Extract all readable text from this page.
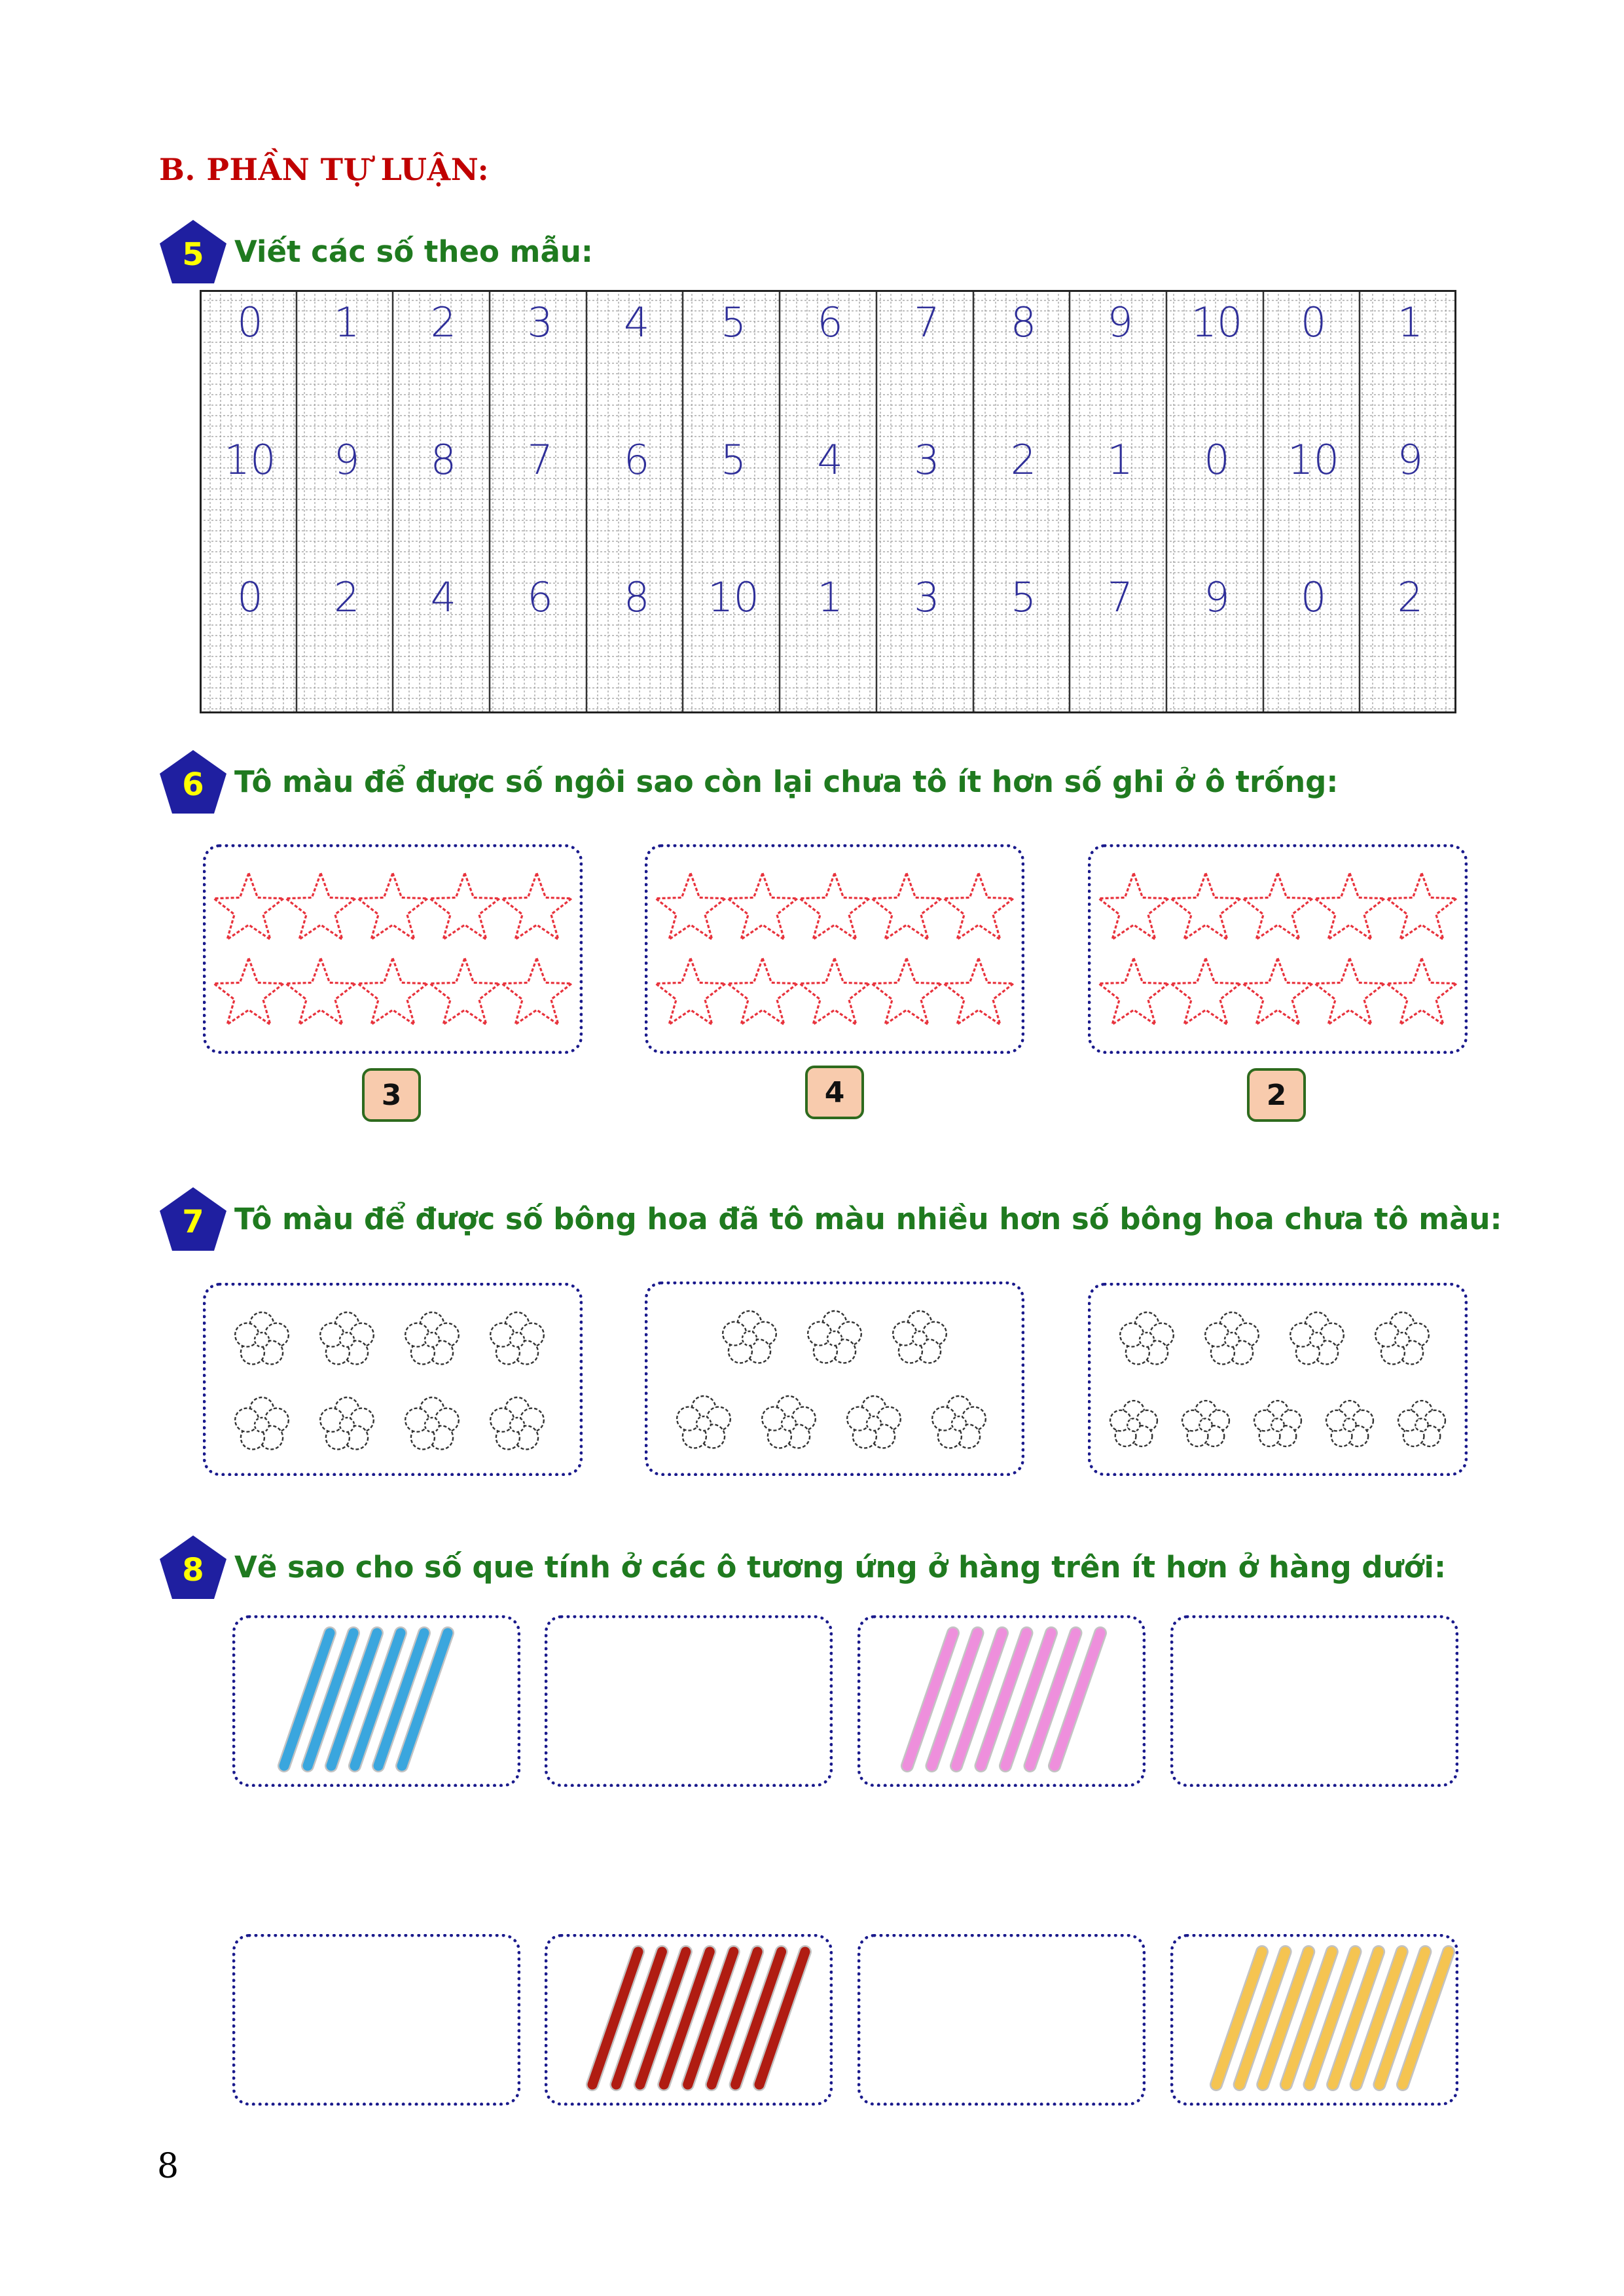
B. PHẦN TỰ LUẬN:
5	Viết các số theo mẫu:
0	1	2	3	4	5	6	7	8	9	10	0	1
10	9	8	7	6	5	4	3	2	1	0	10	9
0	2	4	6	8	10	1	3	5	7	9	0	2
6	Tô màu để được số ngôi sao còn lại chưa tô ít hơn số ghi ở ô trống:
3	4	2
7	Tô màu để được số bông hoa đã tô màu nhiều hơn số bông hoa chưa tô màu:
8	Vẽ sao cho số que tính ở các ô tương ứng ở hàng trên ít hơn ở hàng dưới:

8
